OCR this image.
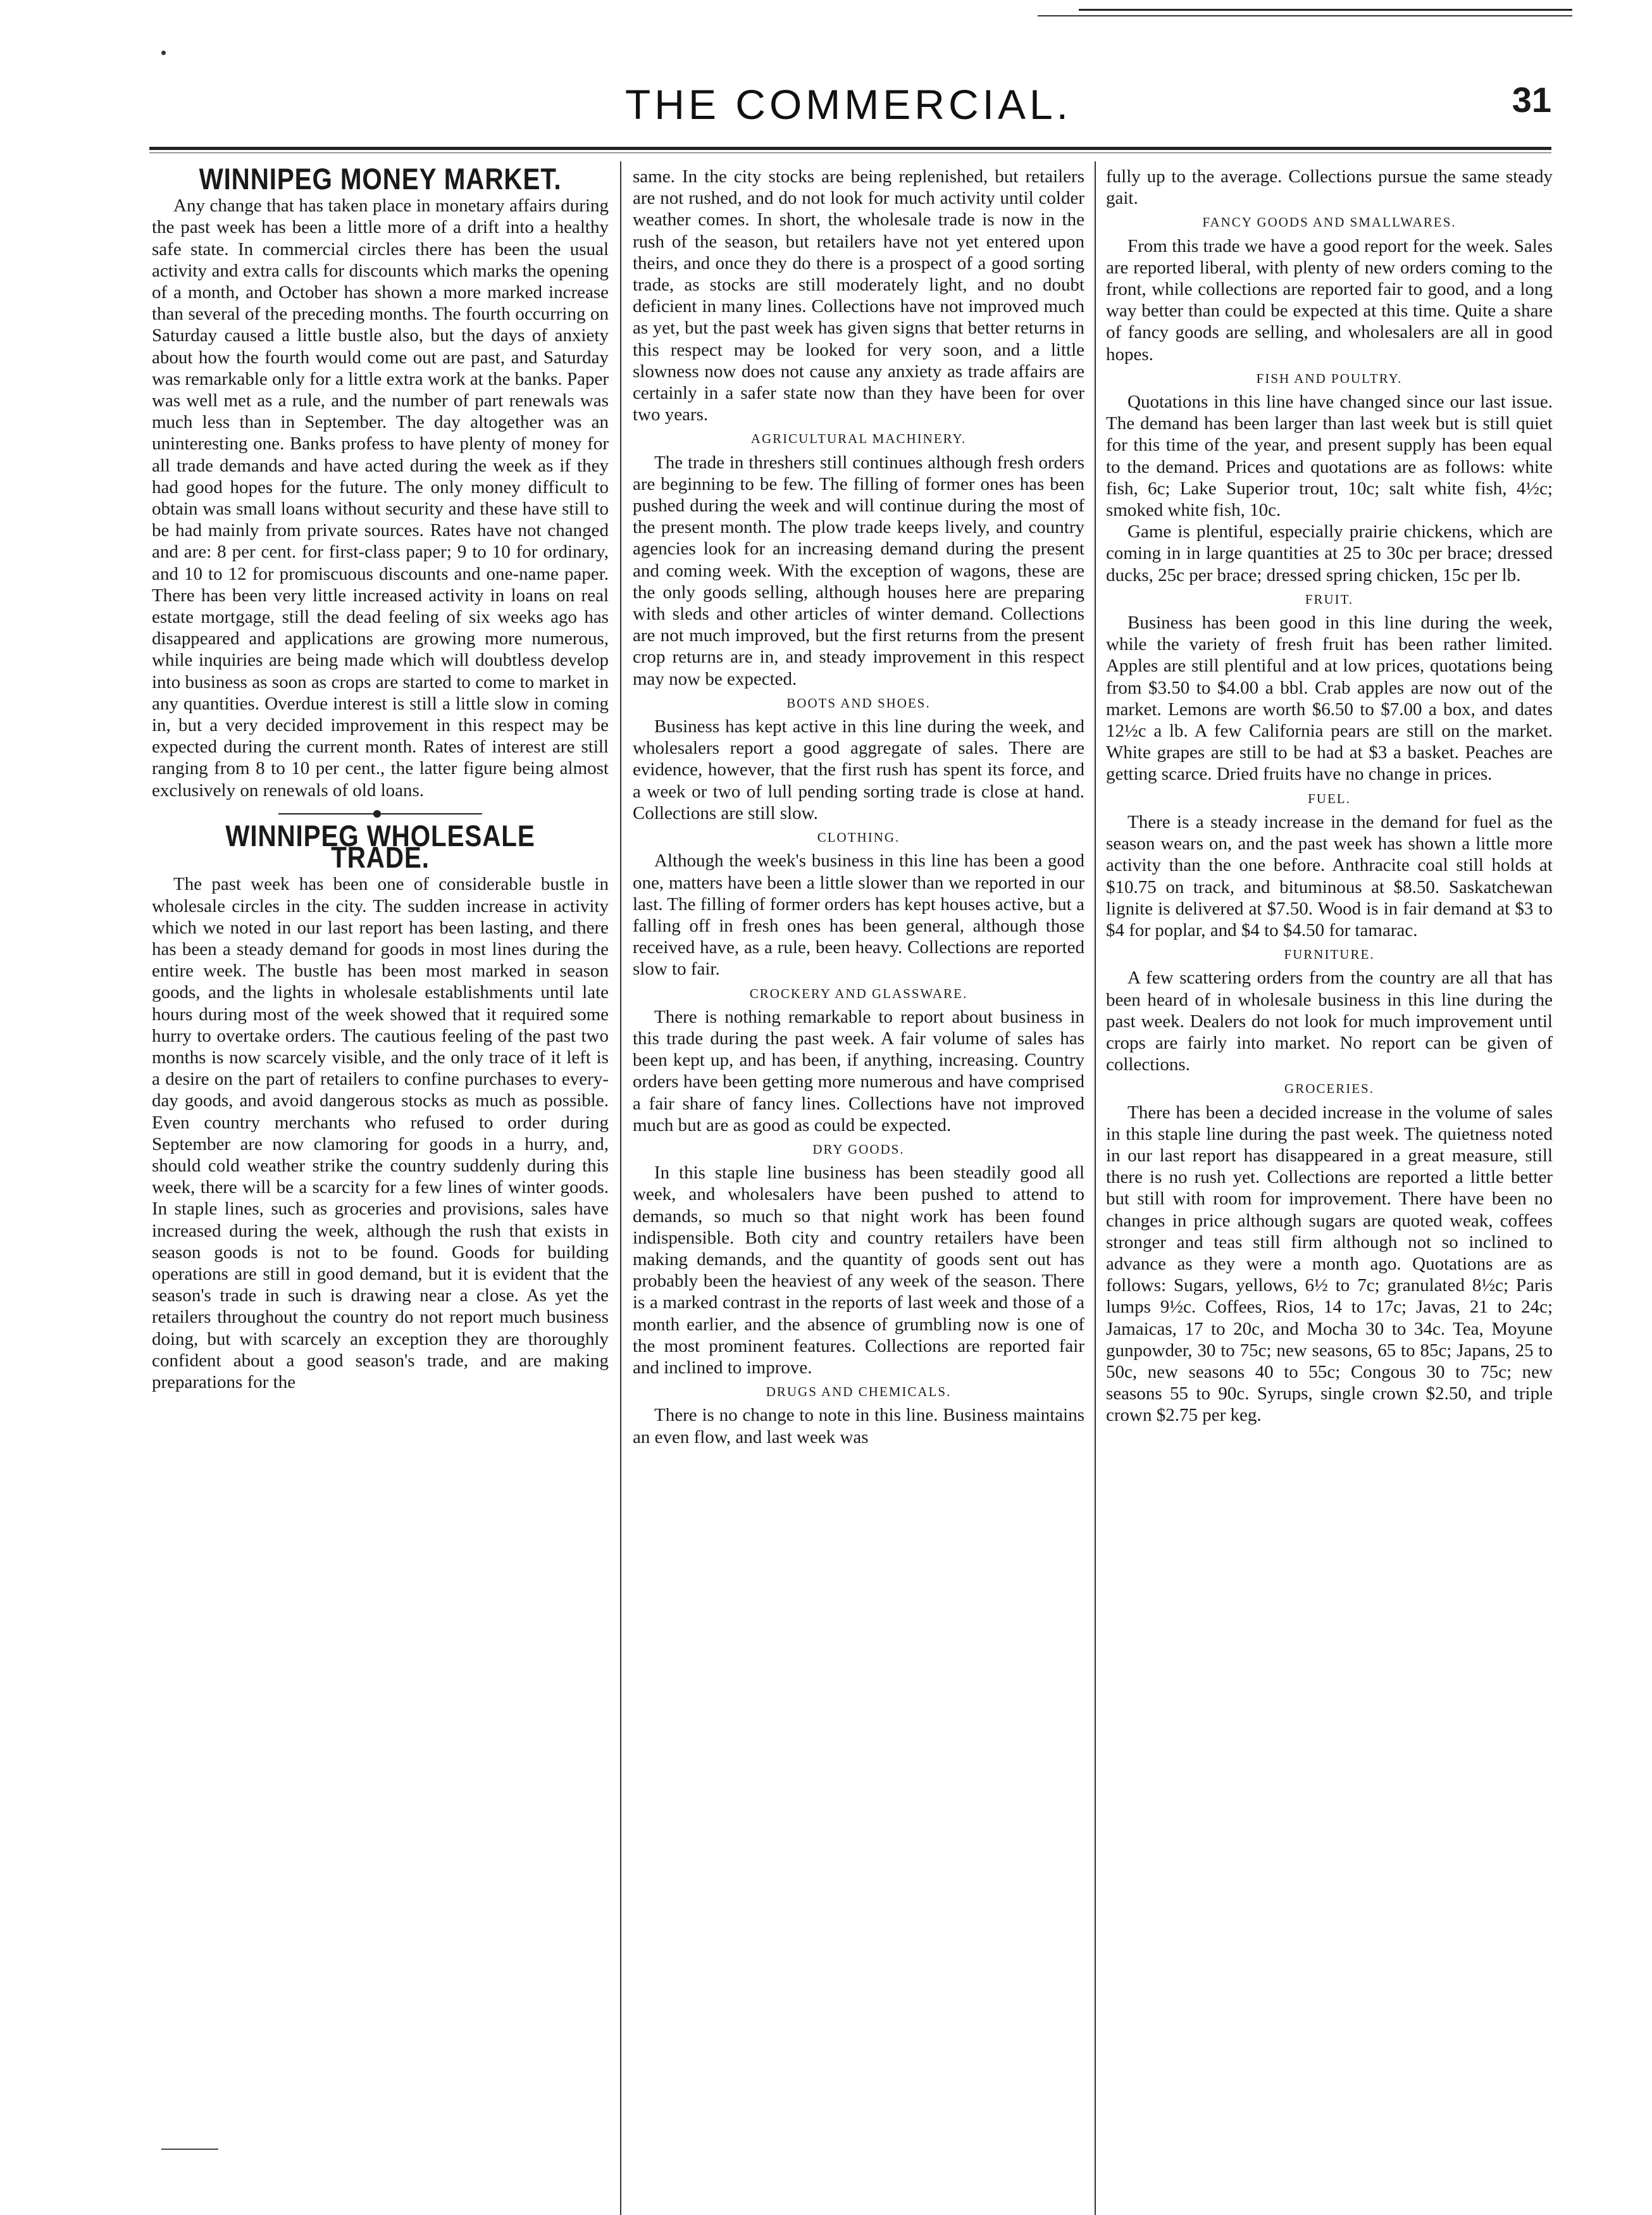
THE COMMERCIAL.	31
WINNIPEG MONEY MARKET.

Any change that has taken place in monetary affairs during the past week has been a little more of a drift into a healthy safe state. In commercial circles there has been the usual activity and extra calls for discounts which marks the opening of a month, and October has shown a more marked increase than several of the preceding months. The fourth occurring on Saturday caused a little bustle also, but the days of anxiety about how the fourth would come out are past, and Saturday was remarkable only for a little extra work at the banks. Paper was well met as a rule, and the number of part renewals was much less than in September. The day altogether was an uninteresting one. Banks profess to have plenty of money for all trade demands and have acted during the week as if they had good hopes for the future. The only money difficult to obtain was small loans without security and these have still to be had mainly from private sources. Rates have not changed and are: 8 per cent. for first-class paper; 9 to 10 for ordinary, and 10 to 12 for promiscuous discounts and one-name paper. There has been very little increased activity in loans on real estate mortgage, still the dead feeling of six weeks ago has disappeared and applications are growing more numerous, while inquiries are being made which will doubtless develop into business as soon as crops are started to come to market in any quantities. Overdue interest is still a little slow in coming in, but a very decided improvement in this respect may be expected during the current month. Rates of interest are still ranging from 8 to 10 per cent., the latter figure being almost exclusively on renewals of old loans.

WINNIPEG WHOLESALE TRADE.

The past week has been one of considerable bustle in wholesale circles in the city. The sudden increase in activity which we noted in our last report has been lasting, and there has been a steady demand for goods in most lines during the entire week. The bustle has been most marked in season goods, and the lights in wholesale establishments until late hours during most of the week showed that it required some hurry to overtake orders. The cautious feeling of the past two months is now scarcely visible, and the only trace of it left is a desire on the part of retailers to confine purchases to every-day goods, and avoid dangerous stocks as much as possible. Even country merchants who refused to order during September are now clamoring for goods in a hurry, and, should cold weather strike the country suddenly during this week, there will be a scarcity for a few lines of winter goods. In staple lines, such as groceries and provisions, sales have increased during the week, although the rush that exists in season goods is not to be found. Goods for building operations are still in good demand, but it is evident that the season's trade in such is drawing near a close. As yet the retailers throughout the country do not report much business doing, but with scarcely an exception they are thoroughly confident about a good season's trade, and are making preparations for the

same. In the city stocks are being replenished, but retailers are not rushed, and do not look for much activity until colder weather comes. In short, the wholesale trade is now in the rush of the season, but retailers have not yet entered upon theirs, and once they do there is a prospect of a good sorting trade, as stocks are still moderately light, and no doubt deficient in many lines. Collections have not improved much as yet, but the past week has given signs that better returns in this respect may be looked for very soon, and a little slowness now does not cause any anxiety as trade affairs are certainly in a safer state now than they have been for over two years.

AGRICULTURAL MACHINERY.

The trade in threshers still continues although fresh orders are beginning to be few. The filling of former ones has been pushed during the week and will continue during the most of the present month. The plow trade keeps lively, and country agencies look for an increasing demand during the present and coming week. With the exception of wagons, these are the only goods selling, although houses here are preparing with sleds and other articles of winter demand. Collections are not much improved, but the first returns from the present crop returns are in, and steady improvement in this respect may now be expected.

BOOTS AND SHOES.

Business has kept active in this line during the week, and wholesalers report a good aggregate of sales. There are evidence, however, that the first rush has spent its force, and a week or two of lull pending sorting trade is close at hand. Collections are still slow.

CLOTHING.

Although the week's business in this line has been a good one, matters have been a little slower than we reported in our last. The filling of former orders has kept houses active, but a falling off in fresh ones has been general, although those received have, as a rule, been heavy. Collections are reported slow to fair.

CROCKERY AND GLASSWARE.

There is nothing remarkable to report about business in this trade during the past week. A fair volume of sales has been kept up, and has been, if anything, increasing. Country orders have been getting more numerous and have comprised a fair share of fancy lines. Collections have not improved much but are as good as could be expected.

DRY GOODS.

In this staple line business has been steadily good all week, and wholesalers have been pushed to attend to demands, so much so that night work has been found indispensible. Both city and country retailers have been making demands, and the quantity of goods sent out has probably been the heaviest of any week of the season. There is a marked contrast in the reports of last week and those of a month earlier, and the absence of grumbling now is one of the most prominent features. Collections are reported fair and inclined to improve.

DRUGS AND CHEMICALS.

There is no change to note in this line. Business maintains an even flow, and last week was

fully up to the average. Collections pursue the same steady gait.

FANCY GOODS AND SMALLWARES.

From this trade we have a good report for the week. Sales are reported liberal, with plenty of new orders coming to the front, while collections are reported fair to good, and a long way better than could be expected at this time. Quite a share of fancy goods are selling, and wholesalers are all in good hopes.

FISH AND POULTRY.

Quotations in this line have changed since our last issue. The demand has been larger than last week but is still quiet for this time of the year, and present supply has been equal to the demand. Prices and quotations are as follows: white fish, 6c; Lake Superior trout, 10c; salt white fish, 4½c; smoked white fish, 10c.

Game is plentiful, especially prairie chickens, which are coming in in large quantities at 25 to 30c per brace; dressed ducks, 25c per brace; dressed spring chicken, 15c per lb.

FRUIT.

Business has been good in this line during the week, while the variety of fresh fruit has been rather limited. Apples are still plentiful and at low prices, quotations being from $3.50 to $4.00 a bbl. Crab apples are now out of the market. Lemons are worth $6.50 to $7.00 a box, and dates 12½c a lb. A few California pears are still on the market. White grapes are still to be had at $3 a basket. Peaches are getting scarce. Dried fruits have no change in prices.

FUEL.

There is a steady increase in the demand for fuel as the season wears on, and the past week has shown a little more activity than the one before. Anthracite coal still holds at $10.75 on track, and bituminous at $8.50. Saskatchewan lignite is delivered at $7.50. Wood is in fair demand at $3 to $4 for poplar, and $4 to $4.50 for tamarac.

FURNITURE.

A few scattering orders from the country are all that has been heard of in wholesale business in this line during the past week. Dealers do not look for much improvement until crops are fairly into market. No report can be given of collections.

GROCERIES.

There has been a decided increase in the volume of sales in this staple line during the past week. The quietness noted in our last report has disappeared in a great measure, still there is no rush yet. Collections are reported a little better but still with room for improvement. There have been no changes in price although sugars are quoted weak, coffees stronger and teas still firm although not so inclined to advance as they were a month ago. Quotations are as follows: Sugars, yellows, 6½ to 7c; granulated 8½c; Paris lumps 9½c. Coffees, Rios, 14 to 17c; Javas, 21 to 24c; Jamaicas, 17 to 20c, and Mocha 30 to 34c. Tea, Moyune gunpowder, 30 to 75c; new seasons, 65 to 85c; Japans, 25 to 50c, new seasons 40 to 55c; Congous 30 to 75c; new seasons 55 to 90c. Syrups, single crown $2.50, and triple crown $2.75 per keg.
